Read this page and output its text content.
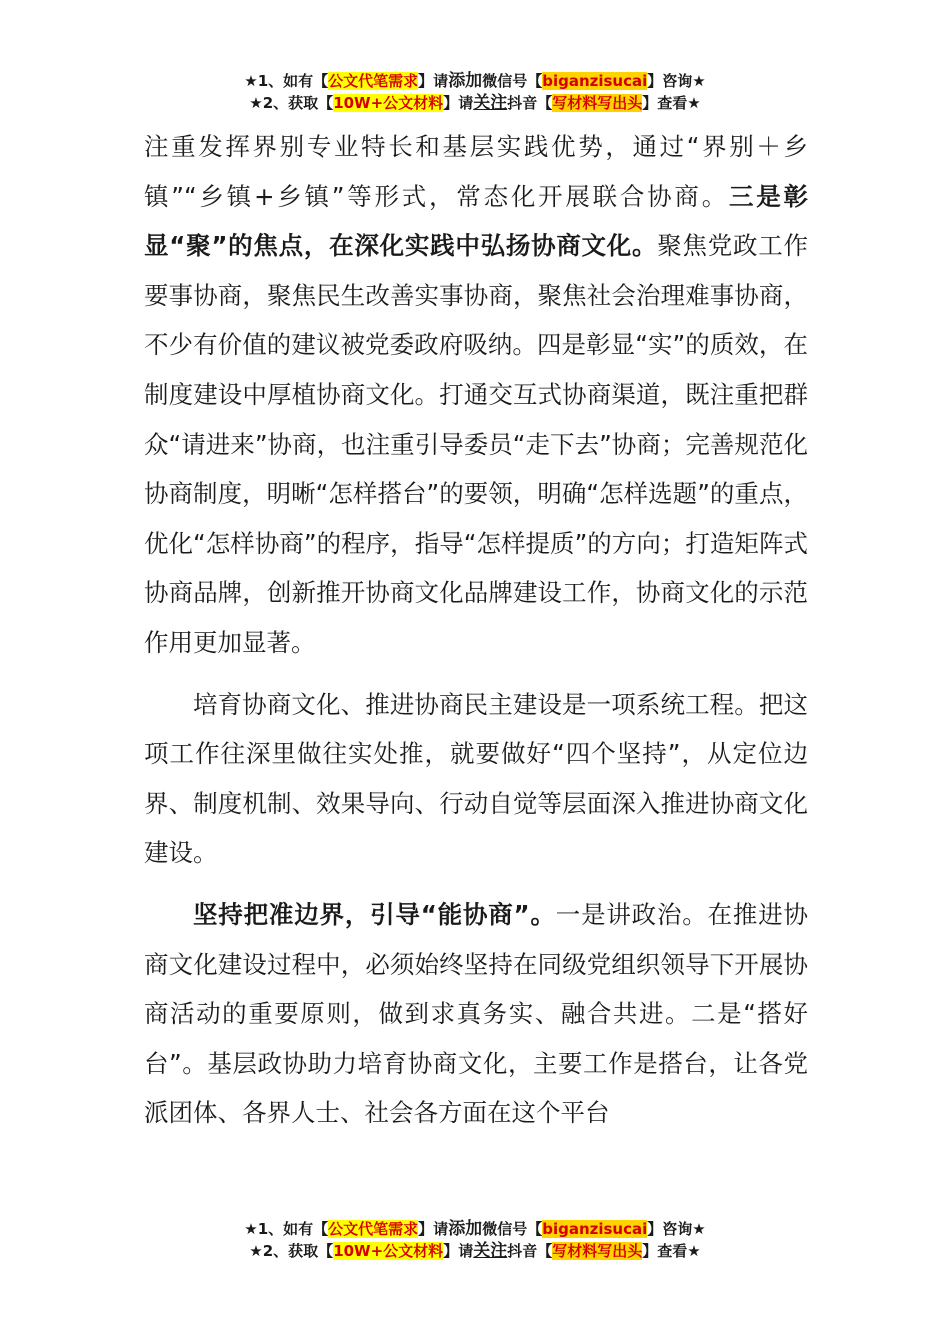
★1、如有【公文代笔需求】请添加微信号【biganzisucai】咨询★
★2、获取【10W+公文材料】请关注抖音【写材料写出头】查看★

注重发挥界别专业特长和基层实践优势，通过“界别＋乡镇”“乡镇+乡镇”等形式，常态化开展联合协商。三是彰显“聚”的焦点，在深化实践中弘扬协商文化。聚焦党政工作要事协商，聚焦民生改善实事协商，聚焦社会治理难事协商，不少有价值的建议被党委政府吸纳。四是彰显“实”的质效，在制度建设中厚植协商文化。打通交互式协商渠道，既注重把群众“请进来”协商，也注重引导委员“走下去”协商；完善规范化协商制度，明晰“怎样搭台”的要领，明确“怎样选题”的重点，优化“怎样协商”的程序，指导“怎样提质”的方向；打造矩阵式协商品牌，创新推开协商文化品牌建设工作，协商文化的示范作用更加显著。

培育协商文化、推进协商民主建设是一项系统工程。把这项工作往深里做往实处推，就要做好“四个坚持”，从定位边界、制度机制、效果导向、行动自觉等层面深入推进协商文化建设。

坚持把准边界，引导“能协商”。一是讲政治。在推进协商文化建设过程中，必须始终坚持在同级党组织领导下开展协商活动的重要原则，做到求真务实、融合共进。二是“搭好台”。基层政协助力培育协商文化，主要工作是搭台，让各党派团体、各界人士、社会各方面在这个平台

★1、如有【公文代笔需求】请添加微信号【biganzisucai】咨询★
★2、获取【10W+公文材料】请关注抖音【写材料写出头】查看★
